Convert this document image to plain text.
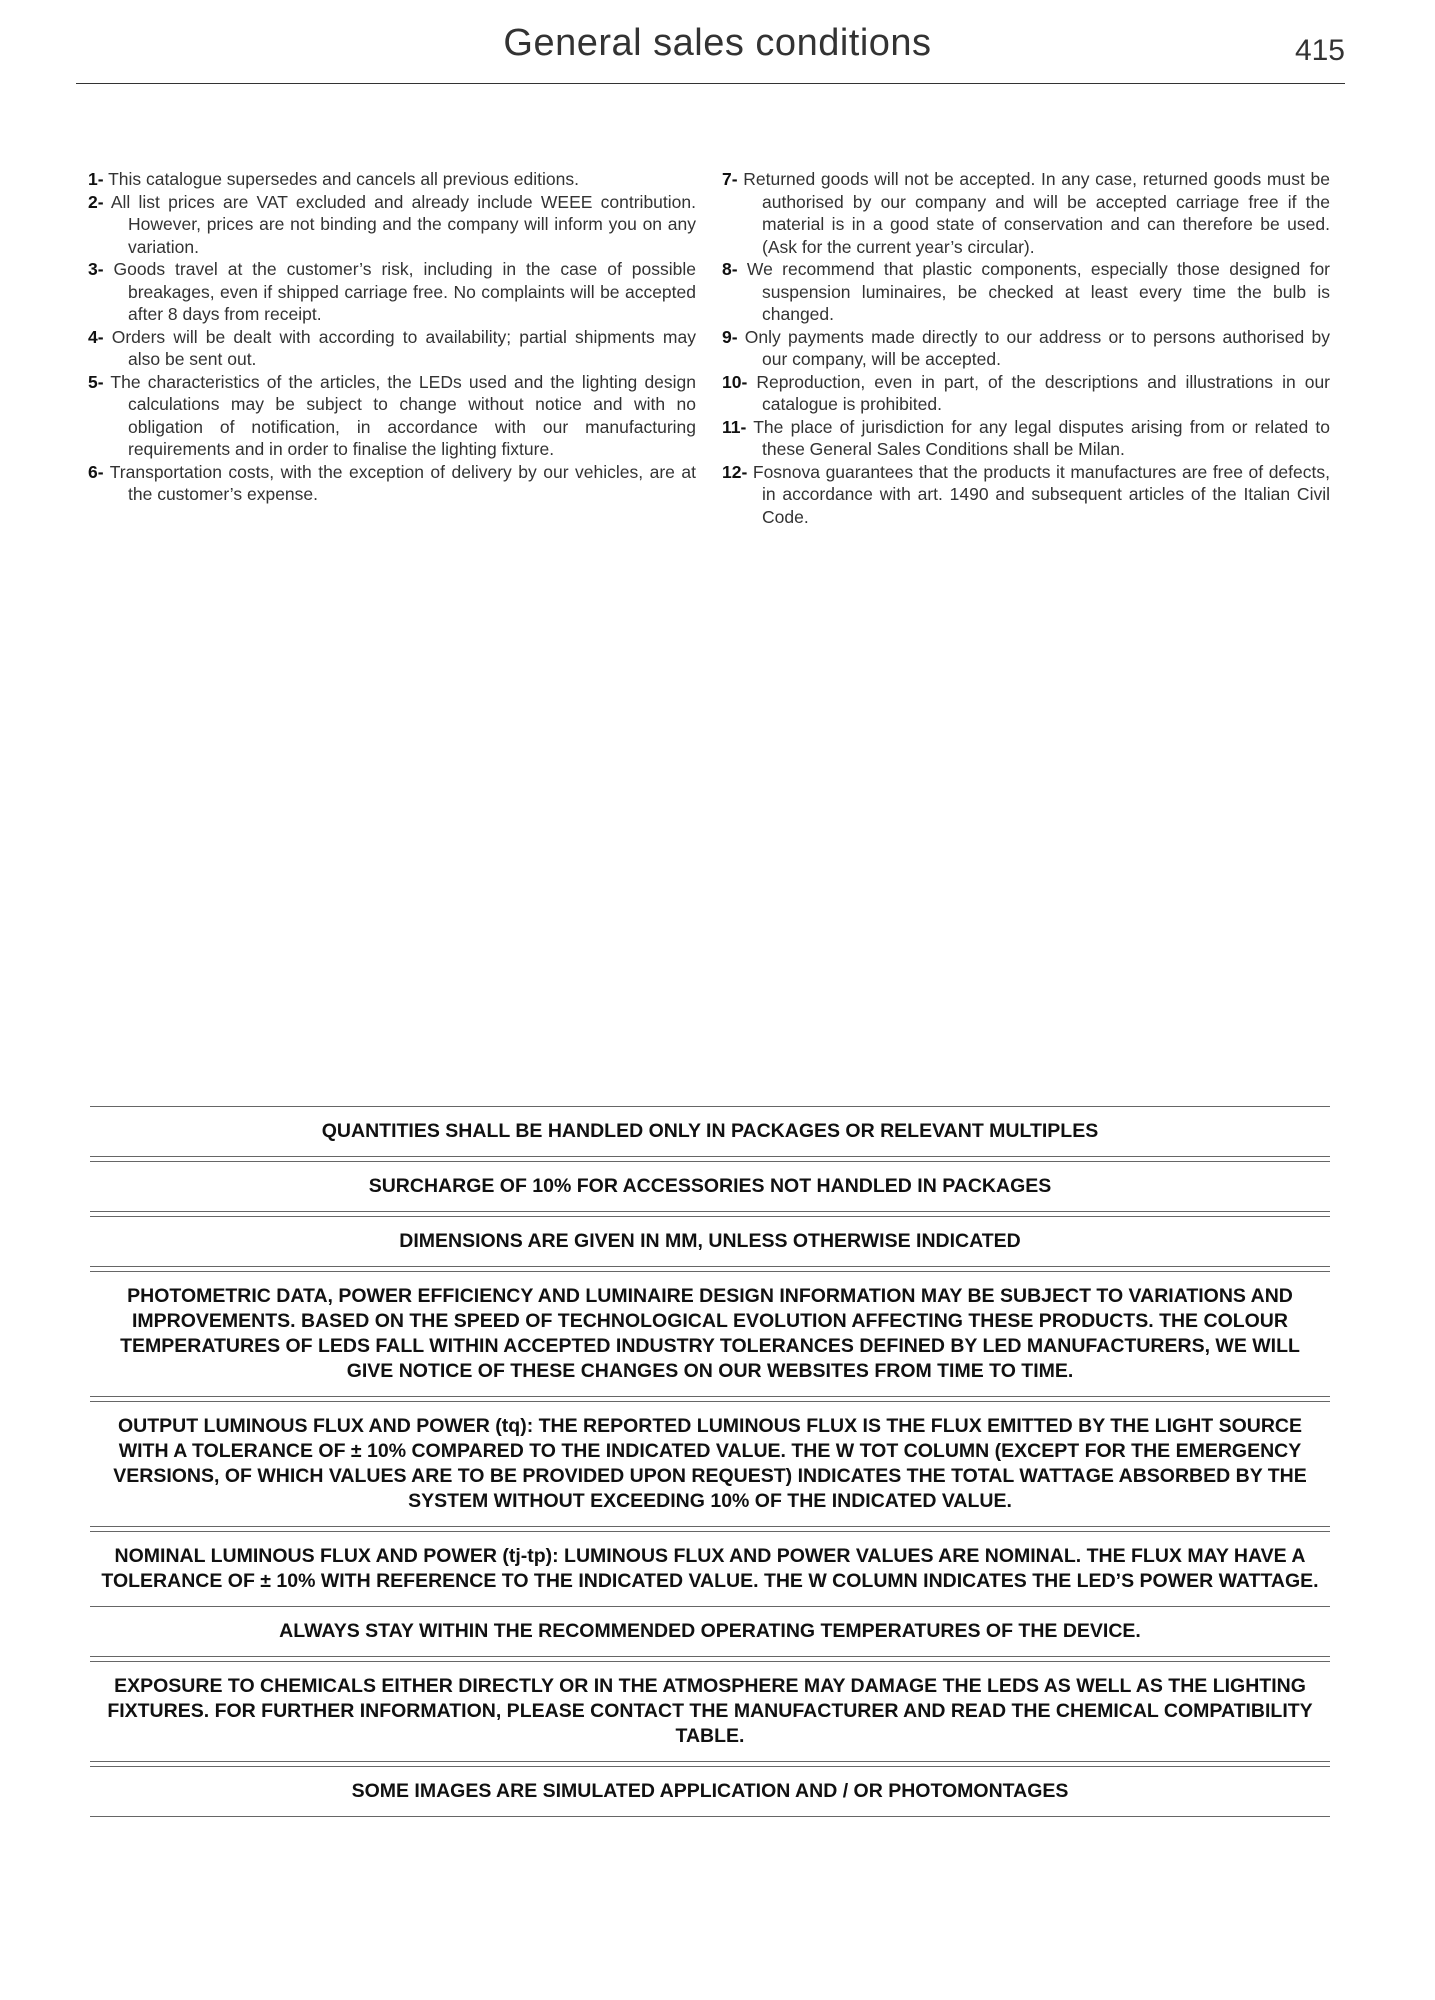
General sales conditions	415

1- This catalogue supersedes and cancels all previous editions.

2- All list prices are VAT excluded and already include WEEE contribution. However, prices are not binding and the company will inform you on any variation.

3- Goods travel at the customer’s risk, including in the case of possible breakages, even if shipped carriage free. No complaints will be accepted after 8 days from receipt.

4- Orders will be dealt with according to availability; partial shipments may also be sent out.

5- The characteristics of the articles, the LEDs used and the lighting design calculations may be subject to change without notice and with no obligation of notification, in accordance with our manufacturing requirements and in order to finalise the lighting fixture.

6- Transportation costs, with the exception of delivery by our vehicles, are at the customer’s expense.

7- Returned goods will not be accepted. In any case, returned goods must be authorised by our company and will be accepted carriage free if the material is in a good state of conservation and can therefore be used. (Ask for the current year’s circular).

8- We recommend that plastic components, especially those designed for suspension luminaires, be checked at least every time the bulb is changed.

9- Only payments made directly to our address or to persons authorised by our company, will be accepted.

10- Reproduction, even in part, of the descriptions and illustrations in our catalogue is prohibited.

11- The place of jurisdiction for any legal disputes arising from or related to these General Sales Conditions shall be Milan.

12- Fosnova guarantees that the products it manufactures are free of defects, in accordance with art. 1490 and subsequent articles of the Italian Civil Code.

QUANTITIES SHALL BE HANDLED ONLY IN PACKAGES OR RELEVANT MULTIPLES
SURCHARGE OF 10% FOR ACCESSORIES NOT HANDLED IN PACKAGES
DIMENSIONS ARE GIVEN IN MM, UNLESS OTHERWISE INDICATED
PHOTOMETRIC DATA, POWER EFFICIENCY AND LUMINAIRE DESIGN INFORMATION MAY BE SUBJECT TO VARIATIONS AND IMPROVEMENTS. BASED ON THE SPEED OF TECHNOLOGICAL EVOLUTION AFFECTING THESE PRODUCTS. THE COLOUR TEMPERATURES OF LEDS FALL WITHIN ACCEPTED INDUSTRY TOLERANCES DEFINED BY LED MANUFACTURERS, WE WILL GIVE NOTICE OF THESE CHANGES ON OUR WEBSITES FROM TIME TO TIME.
OUTPUT LUMINOUS FLUX AND POWER (tq): THE REPORTED LUMINOUS FLUX IS THE FLUX EMITTED BY THE LIGHT SOURCE WITH A TOLERANCE OF ± 10% COMPARED TO THE INDICATED VALUE. THE W TOT COLUMN (EXCEPT FOR THE EMERGENCY VERSIONS, OF WHICH VALUES ARE TO BE PROVIDED UPON REQUEST) INDICATES THE TOTAL WATTAGE ABSORBED BY THE SYSTEM WITHOUT EXCEEDING 10% OF THE INDICATED VALUE.
NOMINAL LUMINOUS FLUX AND POWER (tj-tp): LUMINOUS FLUX AND POWER VALUES ARE NOMINAL. THE FLUX MAY HAVE A TOLERANCE OF ± 10% WITH REFERENCE TO THE INDICATED VALUE. THE W COLUMN INDICATES THE LED’S POWER WATTAGE.
ALWAYS STAY WITHIN THE RECOMMENDED OPERATING TEMPERATURES OF THE DEVICE.
EXPOSURE TO CHEMICALS EITHER DIRECTLY OR IN THE ATMOSPHERE MAY DAMAGE THE LEDS AS WELL AS THE LIGHTING FIXTURES. FOR FURTHER INFORMATION, PLEASE CONTACT THE MANUFACTURER AND READ THE CHEMICAL COMPATIBILITY TABLE.
SOME IMAGES ARE SIMULATED APPLICATION AND / OR PHOTOMONTAGES
